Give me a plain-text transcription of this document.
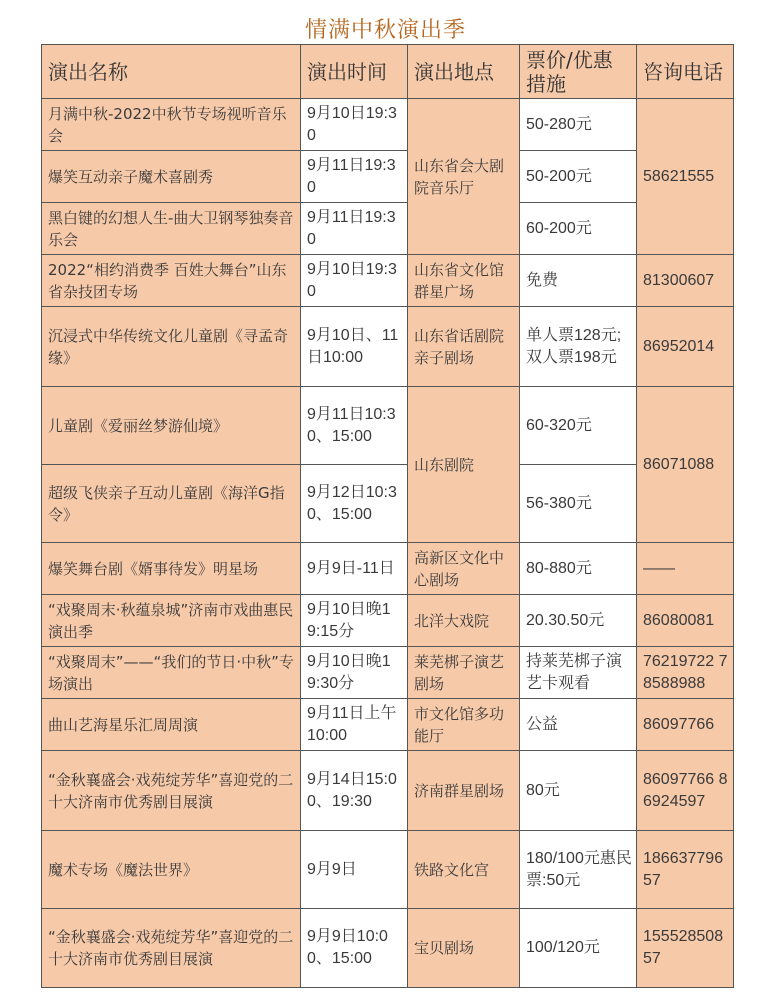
情满中秋演出季
演出名称	演出时间	演出地点	票价/优惠措施	咨询电话
月满中秋-2022中秋节专场视听音乐会	9月10日19:30	山东省会大剧院音乐厅	50-280元	58621555
爆笑互动亲子魔术喜剧秀	9月11日19:30		50-200元	
黑白键的幻想人生-曲大卫钢琴独奏音乐会	9月11日19:30		60-200元	
2022“相约消费季 百姓大舞台”山东省杂技团专场	9月10日19:30	山东省文化馆群星广场	免费	81300607
沉浸式中华传统文化儿童剧《寻孟奇缘》	9月10日、11日10:00	山东省话剧院亲子剧场	单人票128元;双人票198元	86952014
儿童剧《爱丽丝梦游仙境》	9月11日10:30、15:00	山东剧院	60-320元	86071088
超级飞侠亲子互动儿童剧《海洋G指令》	9月12日10:30、15:00		56-380元	
爆笑舞台剧《婿事待发》明星场	9月9日-11日	高新区文化中心剧场	80-880元	——
“戏聚周末·秋蕴泉城”济南市戏曲惠民演出季	9月10日晚19:15分	北洋大戏院	20.30.50元	86080081
“戏聚周末”——“我们的节日·中秋”专场演出	9月10日晚19:30分	莱芜梆子演艺剧场	持莱芜梆子演艺卡观看	76219722 78588988
曲山艺海星乐汇周周演	9月11日上午10:00	市文化馆多功能厅	公益	86097766
“金秋襄盛会·戏苑绽芳华”喜迎党的二十大济南市优秀剧目展演	9月14日15:00、19:30	济南群星剧场	80元	86097766 86924597
魔术专场《魔法世界》	9月9日	铁路文化宫	180/100元惠民票:50元	18663779657
“金秋襄盛会·戏苑绽芳华”喜迎党的二十大济南市优秀剧目展演	9月9日10:00、15:00	宝贝剧场	100/120元	15552850857
